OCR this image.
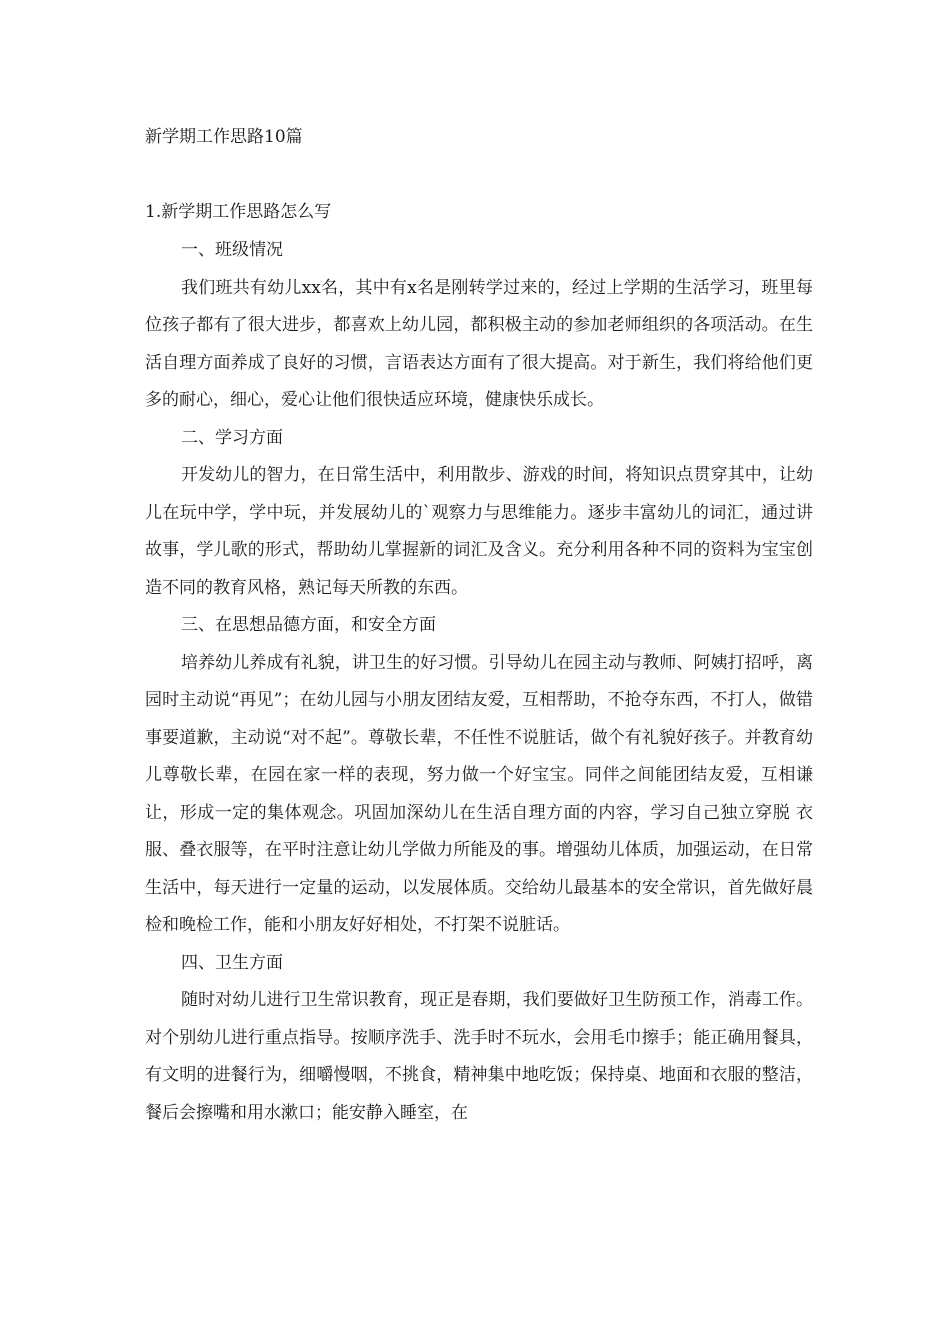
新学期工作思路10篇
1.新学期工作思路怎么写

一、班级情况

我们班共有幼儿xx名，其中有x名是刚转学过来的，经过上学期的生活学习，班里每位孩子都有了很大进步，都喜欢上幼儿园，都积极主动的参加老师组织的各项活动。在生活自理方面养成了良好的习惯，言语表达方面有了很大提高。对于新生，我们将给他们更多的耐心，细心，爱心让他们很快适应环境，健康快乐成长。

二、学习方面

开发幼儿的智力，在日常生活中，利用散步、游戏的时间，将知识点贯穿其中，让幼儿在玩中学，学中玩，并发展幼儿的`观察力与思维能力。逐步丰富幼儿的词汇，通过讲故事，学儿歌的形式，帮助幼儿掌握新的词汇及含义。充分利用各种不同的资料为宝宝创造不同的教育风格，熟记每天所教的东西。

三、在思想品德方面，和安全方面

培养幼儿养成有礼貌，讲卫生的好习惯。引导幼儿在园主动与教师、阿姨打招呼，离园时主动说“再见”；在幼儿园与小朋友团结友爱，互相帮助，不抢夺东西，不打人，做错事要道歉，主动说“对不起”。尊敬长辈，不任性不说脏话，做个有礼貌好孩子。并教育幼儿尊敬长辈，在园在家一样的表现，努力做一个好宝宝。同伴之间能团结友爱，互相谦让，形成一定的集体观念。巩固加深幼儿在生活自理方面的内容，学习自己独立穿脱 衣服、叠衣服等，在平时注意让幼儿学做力所能及的事。增强幼儿体质，加强运动，在日常生活中，每天进行一定量的运动，以发展体质。交给幼儿最基本的安全常识，首先做好晨检和晚检工作，能和小朋友好好相处，不打架不说脏话。

四、卫生方面

随时对幼儿进行卫生常识教育，现正是春期，我们要做好卫生防预工作，消毒工作。对个别幼儿进行重点指导。按顺序洗手、洗手时不玩水，会用毛巾擦手；能正确用餐具，有文明的进餐行为，细嚼慢咽，不挑食，精神集中地吃饭；保持桌、地面和衣服的整洁，餐后会擦嘴和用水漱口；能安静入睡室，在
